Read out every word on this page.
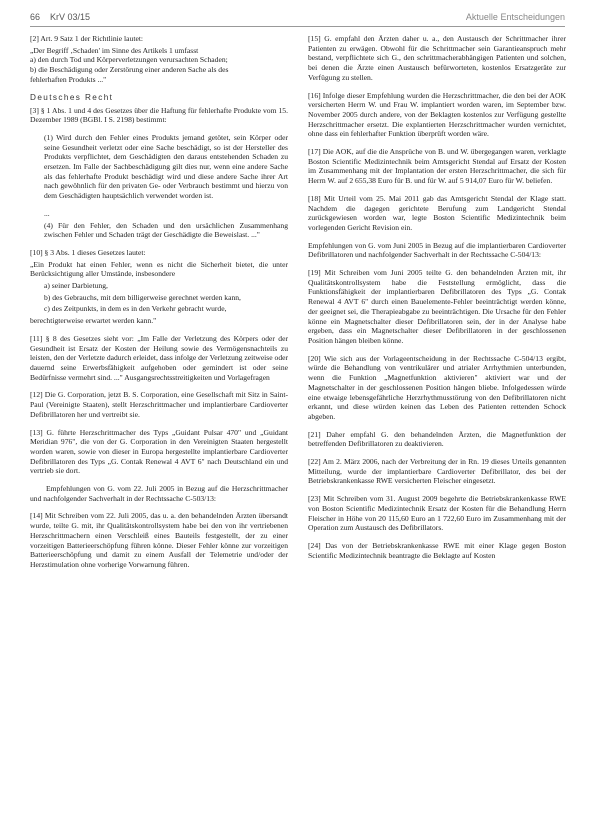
66 KrV 03/15	Aktuelle Entscheidungen
[2] Art. 9 Satz 1 der Richtlinie lautet:
„Der Begriff ‚Schaden' im Sinne des Artikels 1 umfasst
a) den durch Tod und Körperverletzungen verursachten Schaden;
b) die Beschädigung oder Zerstörung einer anderen Sache als des
fehlerhaften Produkts ..."
Deutsches Recht
[3] § 1 Abs. 1 und 4 des Gesetzes über die Haftung für fehlerhafte Produkte vom 15. Dezember 1989 (BGBl. I S. 2198) bestimmt:
(1) Wird durch den Fehler eines Produkts jemand getötet, sein Körper oder seine Gesundheit verletzt oder eine Sache beschädigt, so ist der Hersteller des Produkts verpflichtet, dem Geschädigten den daraus entstehenden Schaden zu ersetzen. Im Falle der Sachbeschädigung gilt dies nur, wenn eine andere Sache als das fehlerhafte Produkt beschädigt wird und diese andere Sache ihrer Art nach gewöhnlich für den privaten Ge- oder Verbrauch bestimmt und hierzu von dem Geschädigten hauptsächlich verwendet worden ist.
...
(4) Für den Fehler, den Schaden und den ursächlichen Zusammenhang zwischen Fehler und Schaden trägt der Geschädigte die Beweislast. ..."
[10] § 3 Abs. 1 dieses Gesetzes lautet:
„Ein Produkt hat einen Fehler, wenn es nicht die Sicherheit bietet, die unter Berücksichtigung aller Umstände, insbesondere
a) seiner Darbietung,
b) des Gebrauchs, mit dem billigerweise gerechnet werden kann,
c) des Zeitpunkts, in dem es in den Verkehr gebracht wurde,
berechtigterweise erwartet werden kann."
[11] § 8 des Gesetzes sieht vor: „Im Falle der Verletzung des Körpers oder der Gesundheit ist Ersatz der Kosten der Heilung sowie des Vermögensnachteils zu leisten, den der Verletzte dadurch erleidet, dass infolge der Verletzung zeitweise oder dauernd seine Erwerbsfähigkeit aufgehoben oder gemindert ist oder seine Bedürfnisse vermehrt sind. ..." Ausgangsrechtsstreitigkeiten und Vorlagefragen
[12] Die G. Corporation, jetzt B. S. Corporation, eine Gesellschaft mit Sitz in Saint-Paul (Vereinigte Staaten), stellt Herzschrittmacher und implantierbare Cardioverter Defibrillatoren her und vertreibt sie.
[13] G. führte Herzschrittmacher des Typs „Guidant Pulsar 470" und „Guidant Meridian 976", die von der G. Corporation in den Vereinigten Staaten hergestellt worden waren, sowie von dieser in Europa hergestellte implantierbare Cardioverter Defibrillatoren des Typs „G. Contak Renewal 4 AVT 6" nach Deutschland ein und vertrieb sie dort.
Empfehlungen von G. vom 22. Juli 2005 in Bezug auf die Herzschrittmacher und nachfolgender Sachverhalt in der Rechtssache C-503/13:
[14] Mit Schreiben vom 22. Juli 2005, das u. a. den behandelnden Ärzten übersandt wurde, teilte G. mit, ihr Qualitätskontrollsystem habe bei den von ihr vertriebenen Herzschrittmachern einen Verschleiß eines Bauteils festgestellt, der zu einer vorzeitigen Batterieerschöpfung führen könne. Dieser Fehler könne zur vorzeitigen Batterieerschöpfung und damit zu einem Ausfall der Telemetrie und/oder der Herzstimulation ohne vorherige Vorwarnung führen.
[15] G. empfahl den Ärzten daher u. a., den Austausch der Schrittmacher ihrer Patienten zu erwägen. Obwohl für die Schrittmacher sein Garantieanspruch mehr bestand, verpflichtete sich G., den schrittmacherabhängigen Patienten und solchen, bei denen die Ärzte einen Austausch befürworteten, kostenlos Ersatzgeräte zur Verfügung zu stellen.
[16] Infolge dieser Empfehlung wurden die Herzschrittmacher, die den bei der AOK versicherten Herrn W. und Frau W. implantiert worden waren, im September bzw. November 2005 durch andere, von der Beklagten kostenlos zur Verfügung gestellte Herzschrittmacher ersetzt. Die explantierten Herzschrittmacher wurden vernichtet, ohne dass ein fehlerhafter Funktion überprüft worden wäre.
[17] Die AOK, auf die die Ansprüche von B. und W. übergegangen waren, verklagte Boston Scientific Medizintechnik beim Amtsgericht Stendal auf Ersatz der Kosten im Zusammenhang mit der Implantation der ersten Herzschrittmacher, die sich für Herrn W. auf 2 655,38 Euro für B. und für W. auf 5 914,07 Euro für W. beliefen.
[18] Mit Urteil vom 25. Mai 2011 gab das Amtsgericht Stendal der Klage statt. Nachdem die dagegen gerichtete Berufung zum Landgericht Stendal zurückgewiesen worden war, legte Boston Scientific Medizintechnik beim vorlegenden Gericht Revision ein.
Empfehlungen von G. vom Juni 2005 in Bezug auf die implantierbaren Cardioverter Defibrillatoren und nachfolgender Sachverhalt in der Rechtssache C-504/13:
[19] Mit Schreiben vom Juni 2005 teilte G. den behandelnden Ärzten mit, ihr Qualitätskontrollsystem habe die Feststellung ermöglicht, dass die Funktionsfähigkeit der implantierbaren Defibrillatoren des Typs „G. Contak Renewal 4 AVT 6" durch einen Bauelemente-Fehler beeinträchtigt werden könne, der geeignet sei, die Therapieabgabe zu beeinträchtigen. Die Ursache für den Fehler könne ein Magnetschalter dieser Defibrillatoren sein, der in der Analyse habe ergeben, dass ein Magnetschalter dieser Defibrillatoren in der geschlossenen Position hängen bleiben könne.
[20] Wie sich aus der Vorlageentscheidung in der Rechtssache C-504/13 ergibt, würde die Behandlung von ventrikulärer und atrialer Arrhythmien unterbunden, wenn die Funktion „Magnetfunktion aktivieren" aktiviert war und der Magnetschalter in der geschlossenen Position hängen bliebe. Infolgedessen würde eine etwaige lebensgefährliche Herzrhythmusstörung von den Defibrillatoren nicht erkannt, und diese würden keinen das Leben des Patienten rettenden Schock abgeben.
[21] Daher empfahl G. den behandelnden Ärzten, die Magnetfunktion der betreffenden Defibrillatoren zu deaktivieren.
[22] Am 2. März 2006, nach der Verbreitung der in Rn. 19 dieses Urteils genannten Mitteilung, wurde der implantierbare Cardioverter Defibrillator, des bei der Betriebskrankenkasse RWE versicherten Fleischer eingesetzt.
[23] Mit Schreiben vom 31. August 2009 begehrte die Betriebskrankenkasse RWE von Boston Scientific Medizintechnik Ersatz der Kosten für die Behandlung Herrn Fleischer in Höhe von 20 115,60 Euro an 1 722,60 Euro im Zusammenhang mit der Operation zum Austausch des Defibrillators.
[24] Das von der Betriebskrankenkasse RWE mit einer Klage gegen Boston Scientific Medizintechnik beantragte die Beklagte auf Kosten
